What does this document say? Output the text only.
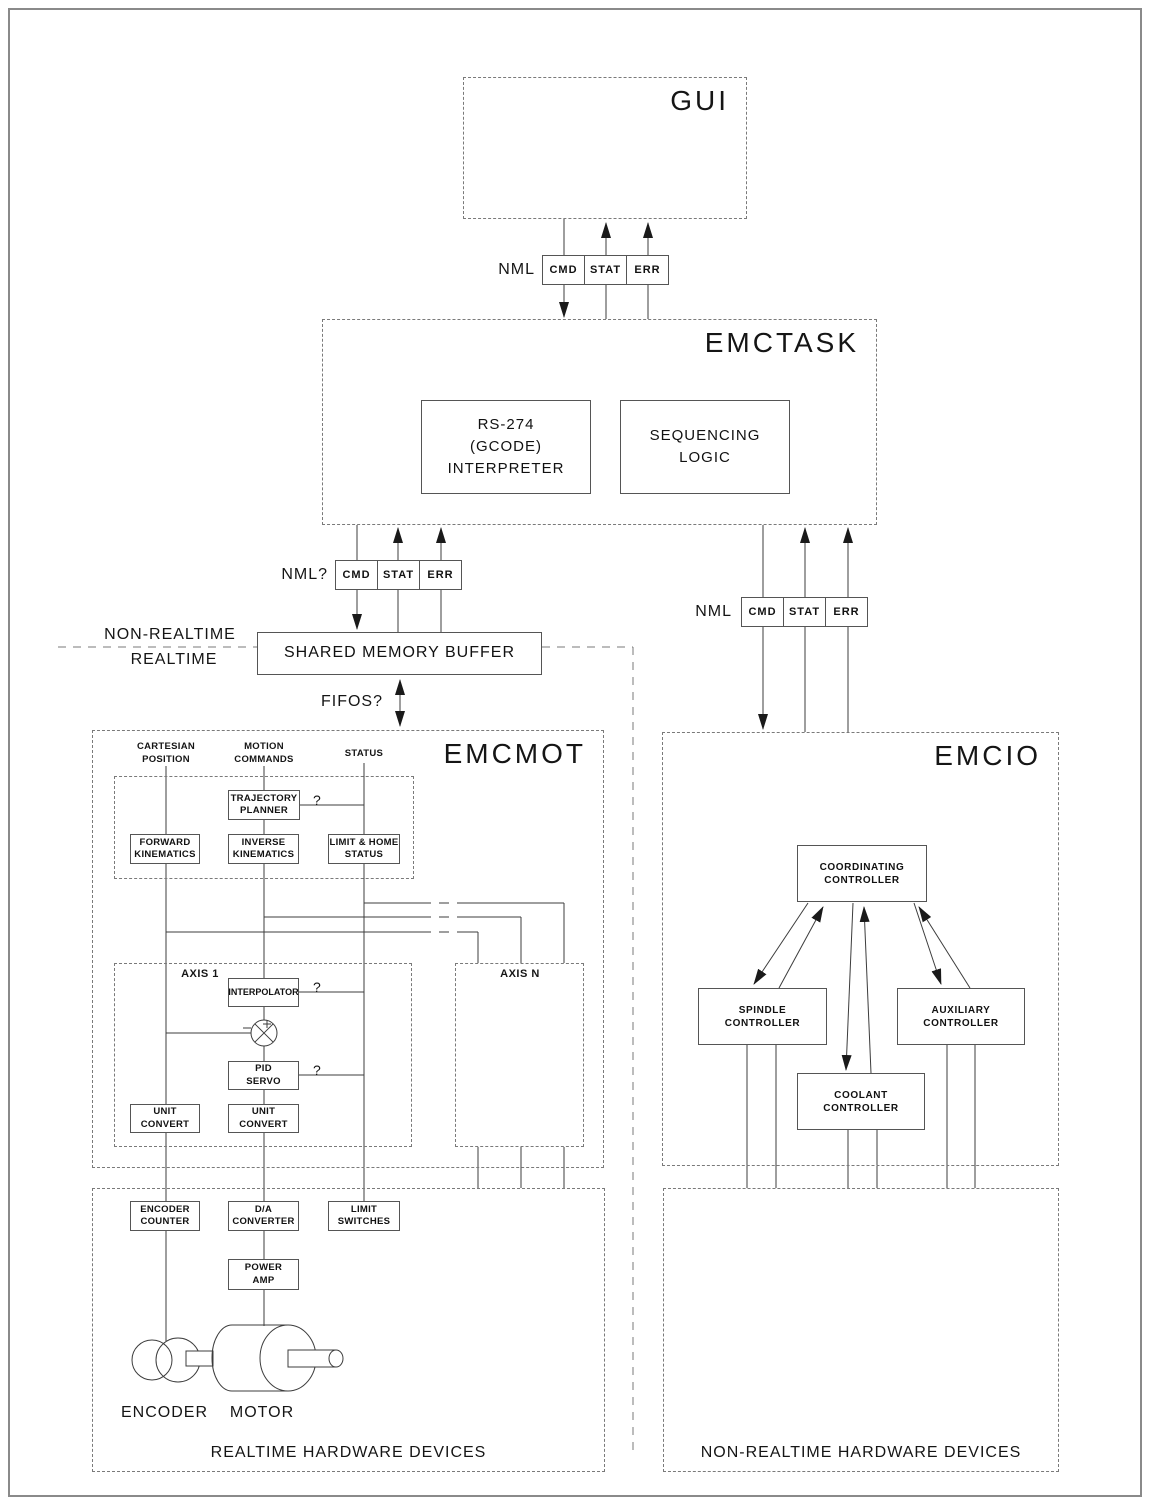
GUI
EMCTASK
EMCMOT
REALTIME HARDWARE DEVICES
EMCIO
NON-REALTIME HARDWARE DEVICES
NML	CMD	STAT	ERR
NML?	CMD	STAT	ERR
NML	CMD	STAT	ERR
RS-274
(GCODE)
INTERPRETER
SEQUENCING
LOGIC
SHARED MEMORY BUFFER
NON-REALTIME
REALTIME
FIFOS?
CARTESIAN POSITION
MOTION COMMANDS
STATUS
TRAJECTORY
PLANNER
FORWARD
KINEMATICS
INVERSE
KINEMATICS
LIMIT & HOME
STATUS
AXIS 1	AXIS N
INTERPOLATOR
PID
SERVO
UNIT
CONVERT
UNIT
CONVERT
?
?
?
ENCODER
COUNTER
D/A
CONVERTER
LIMIT
SWITCHES
POWER
AMP
ENCODER MOTOR
COORDINATING
CONTROLLER
SPINDLE
CONTROLLER
AUXILIARY
CONTROLLER
COOLANT
CONTROLLER
